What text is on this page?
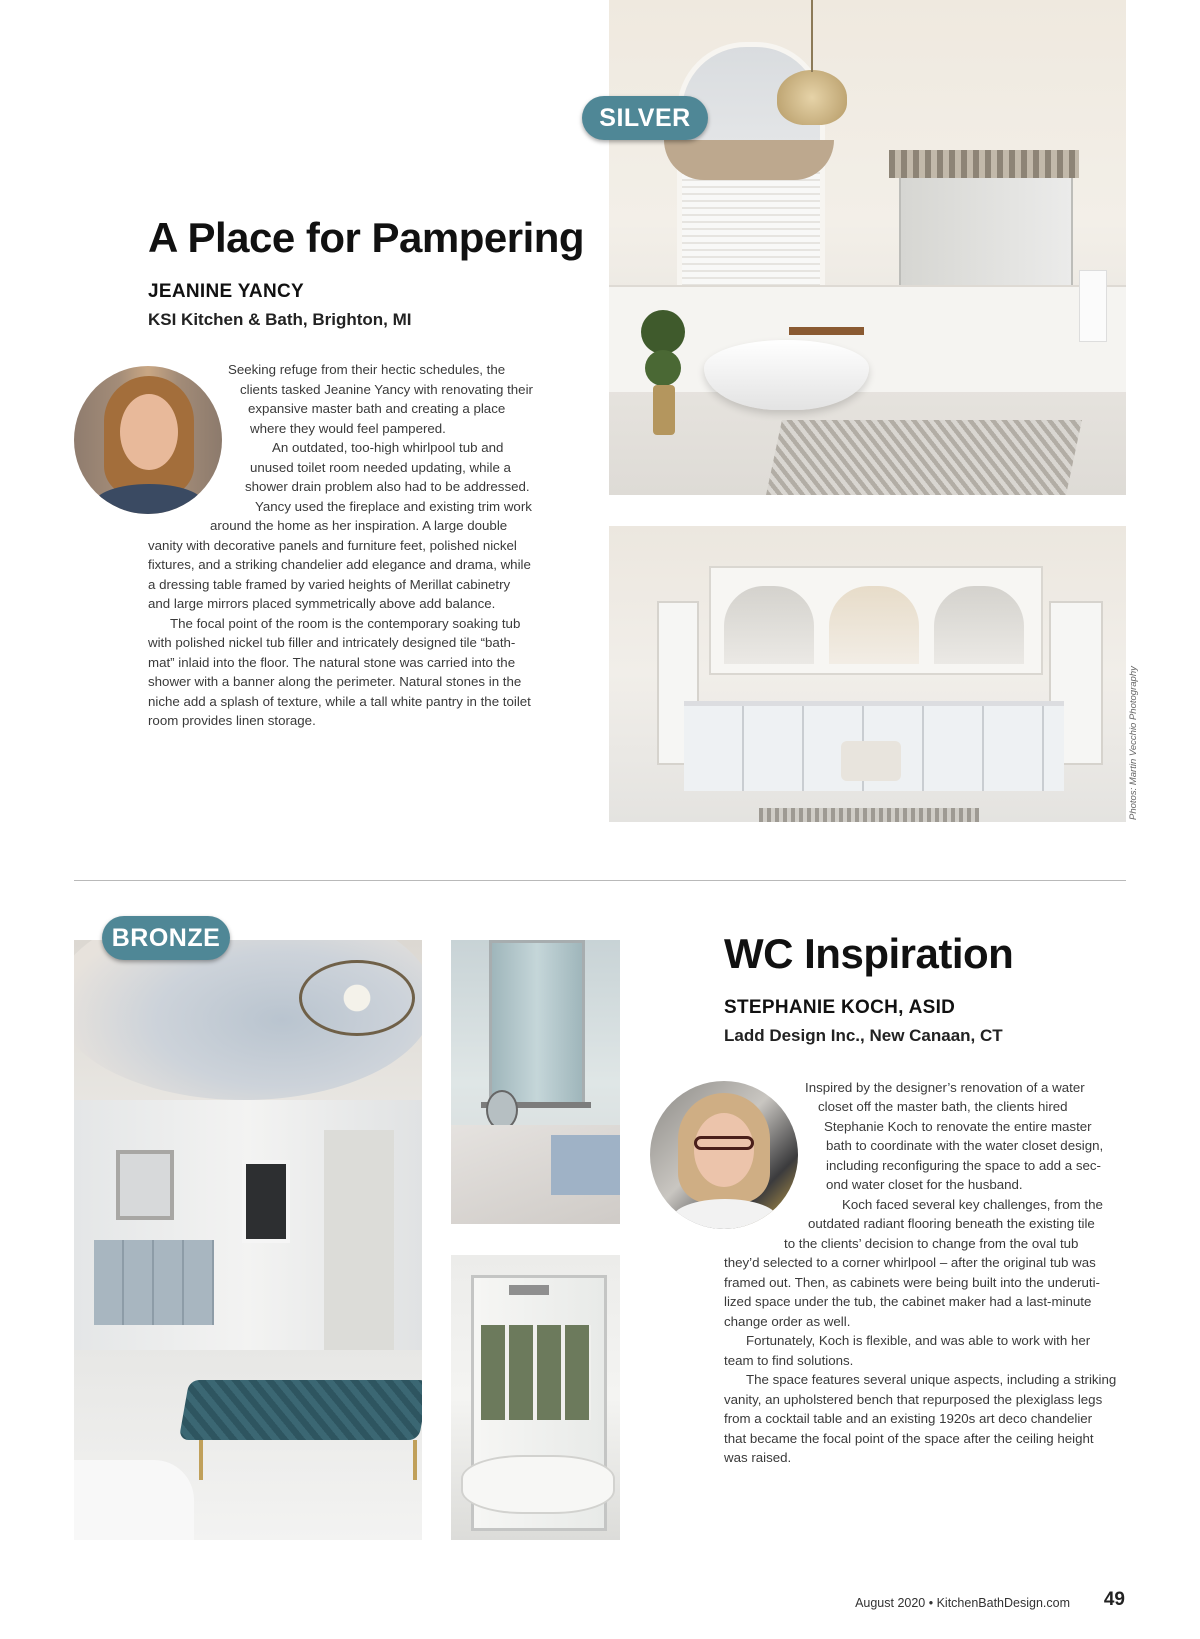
SILVER
Photos: Martin Vecchio Photography
A Place for Pampering
JEANINE YANCY
KSI Kitchen & Bath, Brighton, MI
Seeking refuge from their hectic schedules, the
clients tasked Jeanine Yancy with renovating their
expansive master bath and creating a place
where they would feel pampered.
An outdated, too-high whirlpool tub and
unused toilet room needed updating, while a
shower drain problem also had to be addressed.
Yancy used the fireplace and existing trim work
around the home as her inspiration. A large double
vanity with decorative panels and furniture feet, polished nickel
fixtures, and a striking chandelier add elegance and drama, while
a dressing table framed by varied heights of Merillat cabinetry
and large mirrors placed symmetrically above add balance.
The focal point of the room is the contemporary soaking tub
with polished nickel tub filler and intricately designed tile “bath-
mat” inlaid into the floor. The natural stone was carried into the
shower with a banner along the perimeter. Natural stones in the
niche add a splash of texture, while a tall white pantry in the toilet
room provides linen storage.
BRONZE	WC Inspiration
STEPHANIE KOCH, ASID
Ladd Design Inc., New Canaan, CT
Inspired by the designer’s renovation of a water
closet off the master bath, the clients hired
Stephanie Koch to renovate the entire master
bath to coordinate with the water closet design,
including reconfiguring the space to add a sec-
ond water closet for the husband.
Koch faced several key challenges, from the
outdated radiant flooring beneath the existing tile
to the clients’ decision to change from the oval tub
they’d selected to a corner whirlpool – after the original tub was
framed out. Then, as cabinets were being built into the underuti-
lized space under the tub, the cabinet maker had a last-minute
change order as well.
Fortunately, Koch is flexible, and was able to work with her
team to find solutions.
The space features several unique aspects, including a striking
vanity, an upholstered bench that repurposed the plexiglass legs
from a cocktail table and an existing 1920s art deco chandelier
that became the focal point of the space after the ceiling height
was raised.
August 2020 • KitchenBathDesign.com 49
